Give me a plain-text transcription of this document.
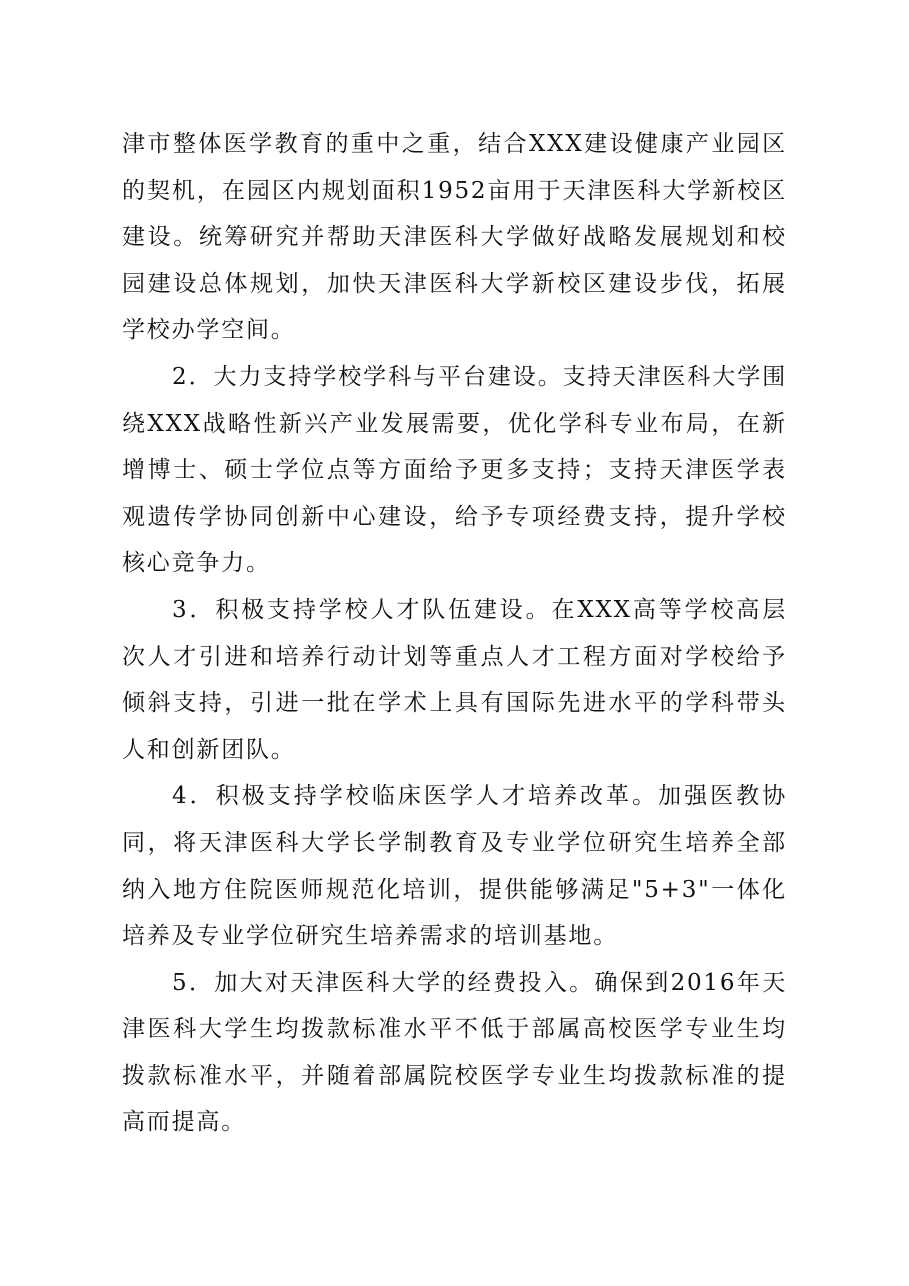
津市整体医学教育的重中之重，结合XXX建设健康产业园区的契机，在园区内规划面积1952亩用于天津医科大学新校区建设。统筹研究并帮助天津医科大学做好战略发展规划和校园建设总体规划，加快天津医科大学新校区建设步伐，拓展学校办学空间。

2．大力支持学校学科与平台建设。支持天津医科大学围绕XXX战略性新兴产业发展需要，优化学科专业布局，在新增博士、硕士学位点等方面给予更多支持；支持天津医学表观遗传学协同创新中心建设，给予专项经费支持，提升学校核心竞争力。

3．积极支持学校人才队伍建设。在XXX高等学校高层次人才引进和培养行动计划等重点人才工程方面对学校给予倾斜支持，引进一批在学术上具有国际先进水平的学科带头人和创新团队。

4．积极支持学校临床医学人才培养改革。加强医教协同，将天津医科大学长学制教育及专业学位研究生培养全部纳入地方住院医师规范化培训，提供能够满足"5+3"一体化培养及专业学位研究生培养需求的培训基地。

5．加大对天津医科大学的经费投入。确保到2016年天津医科大学生均拨款标准水平不低于部属高校医学专业生均拨款标准水平，并随着部属院校医学专业生均拨款标准的提高而提高。
